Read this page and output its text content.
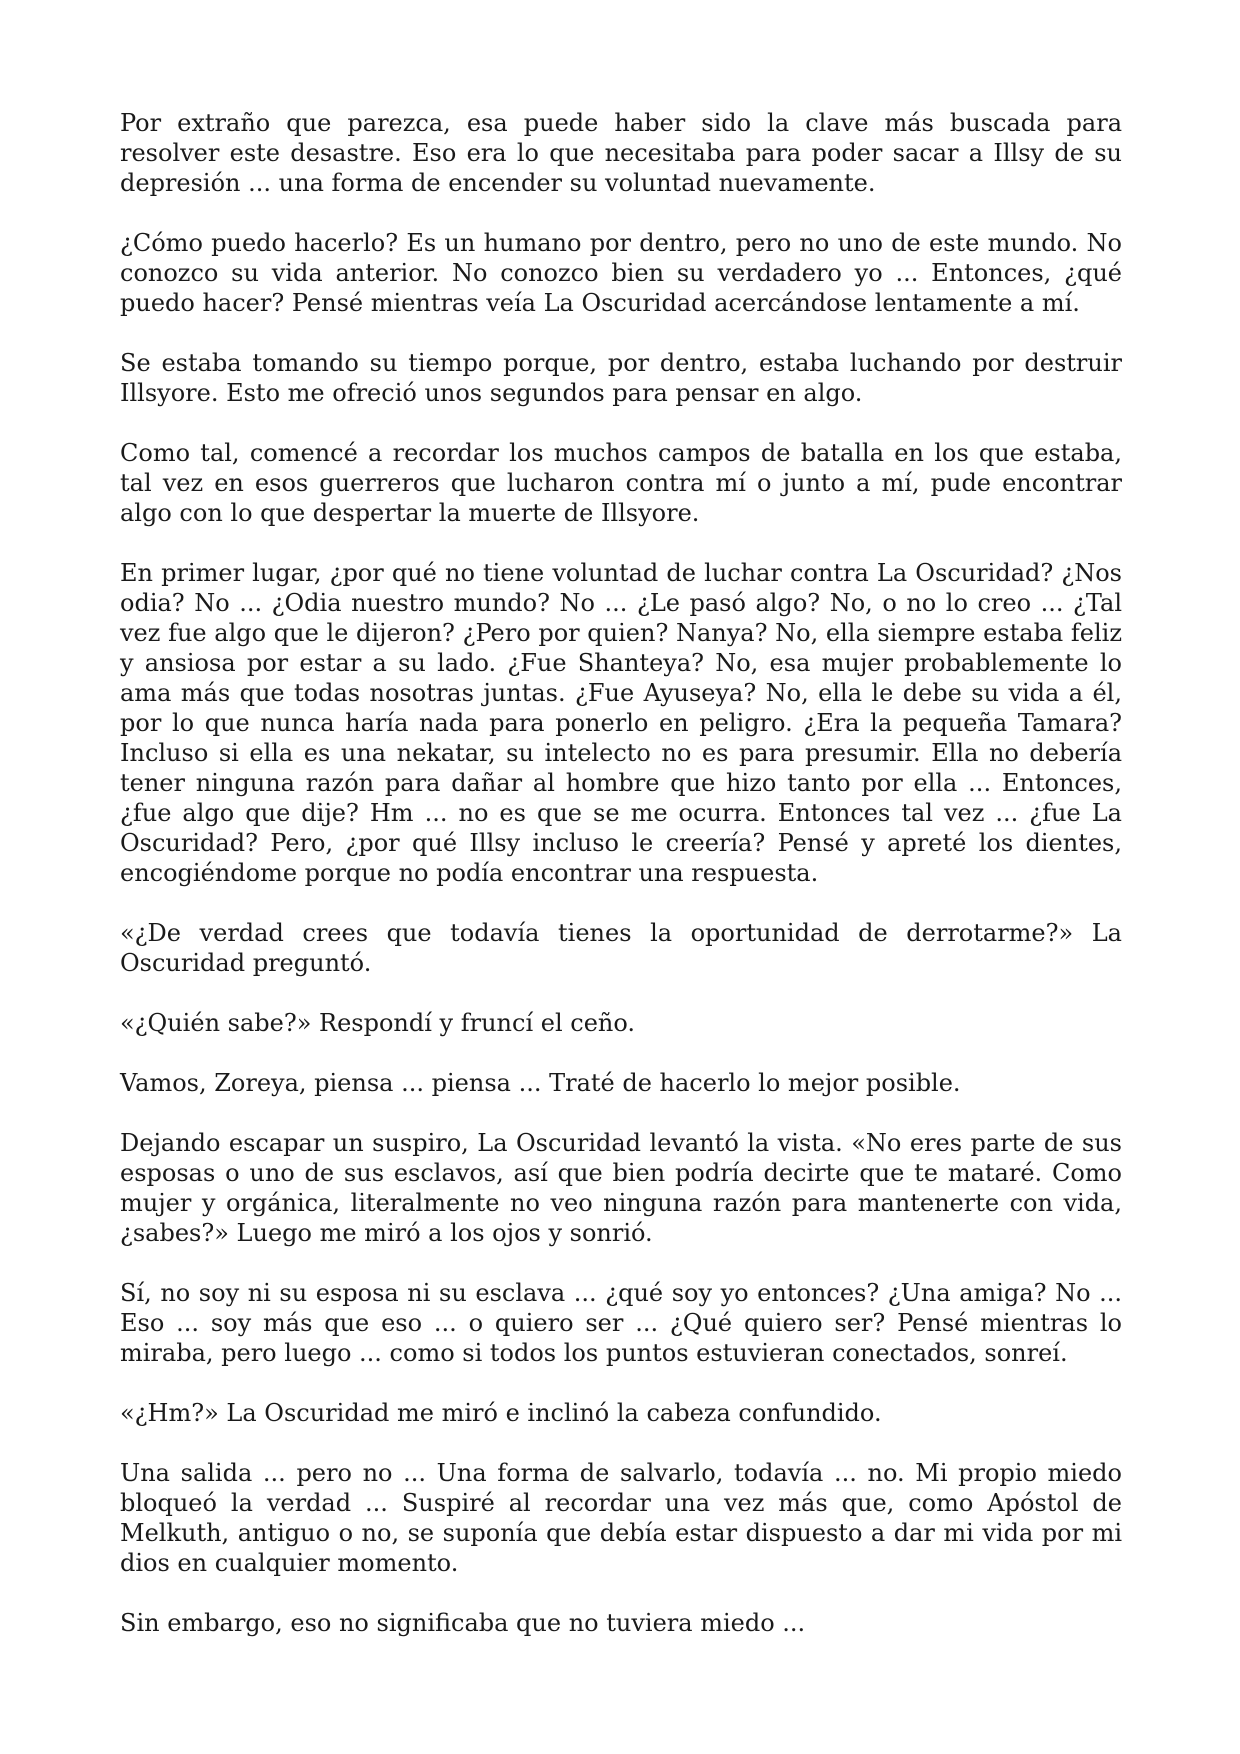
Por extraño que parezca, esa puede haber sido la clave más buscada para resolver este desastre. Eso era lo que necesitaba para poder sacar a Illsy de su depresión ... una forma de encender su voluntad nuevamente.

¿Cómo puedo hacerlo? Es un humano por dentro, pero no uno de este mundo. No conozco su vida anterior. No conozco bien su verdadero yo ... Entonces, ¿qué puedo hacer? Pensé mientras veía La Oscuridad acercándose lentamente a mí.

Se estaba tomando su tiempo porque, por dentro, estaba luchando por destruir Illsyore. Esto me ofreció unos segundos para pensar en algo.

Como tal, comencé a recordar los muchos campos de batalla en los que estaba, tal vez en esos guerreros que lucharon contra mí o junto a mí, pude encontrar algo con lo que despertar la muerte de Illsyore.

En primer lugar, ¿por qué no tiene voluntad de luchar contra La Oscuridad? ¿Nos odia? No ... ¿Odia nuestro mundo? No ... ¿Le pasó algo? No, o no lo creo ... ¿Tal vez fue algo que le dijeron? ¿Pero por quien? Nanya? No, ella siempre estaba feliz y ansiosa por estar a su lado. ¿Fue Shanteya? No, esa mujer probablemente lo ama más que todas nosotras juntas. ¿Fue Ayuseya? No, ella le debe su vida a él, por lo que nunca haría nada para ponerlo en peligro. ¿Era la pequeña Tamara? Incluso si ella es una nekatar, su intelecto no es para presumir. Ella no debería tener ninguna razón para dañar al hombre que hizo tanto por ella ... Entonces, ¿fue algo que dije? Hm ... no es que se me ocurra. Entonces tal vez ... ¿fue La Oscuridad? Pero, ¿por qué Illsy incluso le creería? Pensé y apreté los dientes, encogiéndome porque no podía encontrar una respuesta.

«¿De verdad crees que todavía tienes la oportunidad de derrotarme?» La Oscuridad preguntó.

«¿Quién sabe?» Respondí y fruncí el ceño.

Vamos, Zoreya, piensa ... piensa ... Traté de hacerlo lo mejor posible.

Dejando escapar un suspiro, La Oscuridad levantó la vista. «No eres parte de sus esposas o uno de sus esclavos, así que bien podría decirte que te mataré. Como mujer y orgánica, literalmente no veo ninguna razón para mantenerte con vida, ¿sabes?» Luego me miró a los ojos y sonrió.

Sí, no soy ni su esposa ni su esclava ... ¿qué soy yo entonces? ¿Una amiga? No ... Eso ... soy más que eso ... o quiero ser ... ¿Qué quiero ser? Pensé mientras lo miraba, pero luego ... como si todos los puntos estuvieran conectados, sonreí.

«¿Hm?» La Oscuridad me miró e inclinó la cabeza confundido.

Una salida ... pero no ... Una forma de salvarlo, todavía ... no. Mi propio miedo bloqueó la verdad ... Suspiré al recordar una vez más que, como Apóstol de Melkuth, antiguo o no, se suponía que debía estar dispuesto a dar mi vida por mi dios en cualquier momento.

Sin embargo, eso no significaba que no tuviera miedo ...
